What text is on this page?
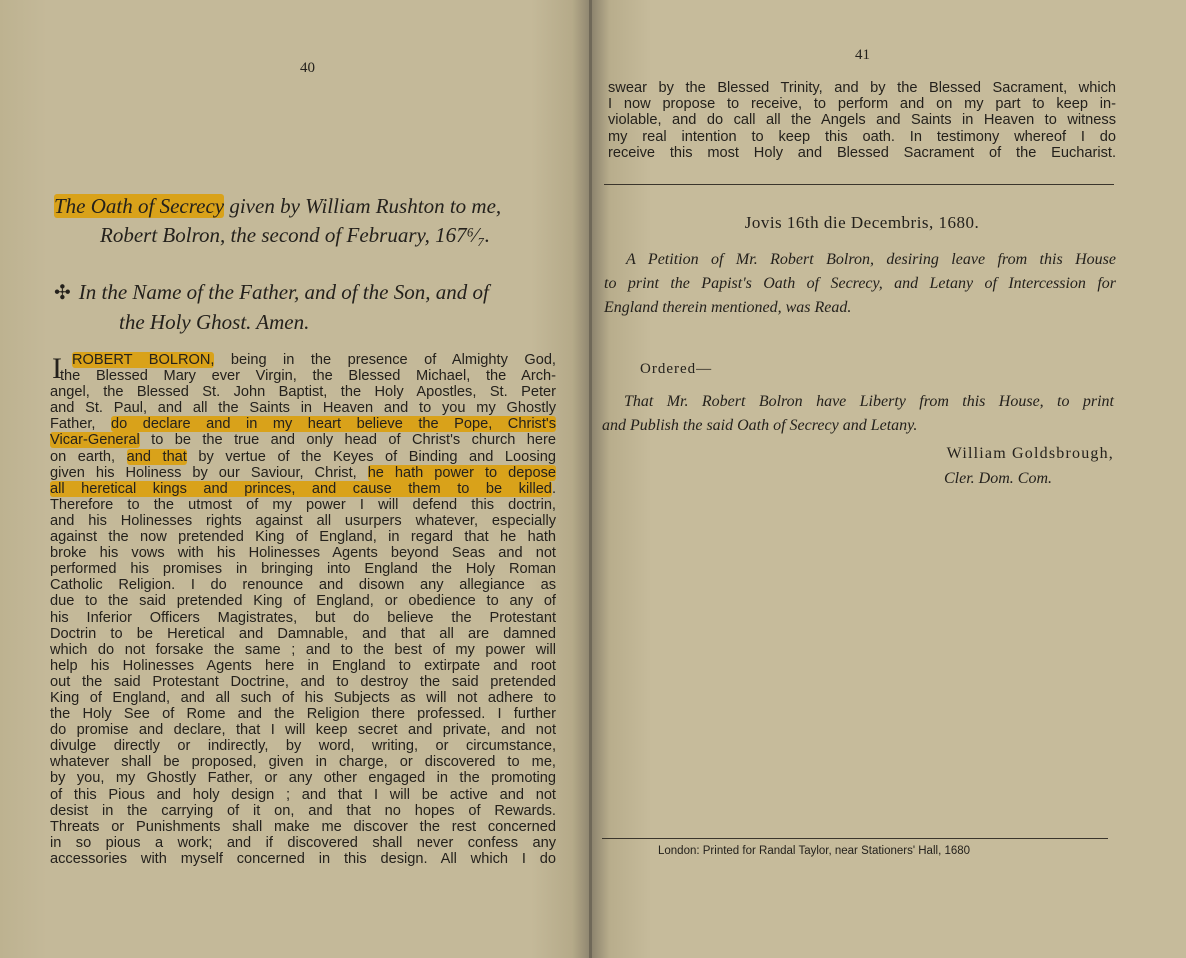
40
The Oath of Secrecy given by William Rushton to me,
Robert Bolron, the second of February, 167⁶⁄₇.
✣ In the Name of the Father, and of the Son, and of
the Holy Ghost. Amen.
I ROBERT BOLRON, being in the presence of Almighty God,
the Blessed Mary ever Virgin, the Blessed Michael, the Arch-
angel, the Blessed St. John Baptist, the Holy Apostles, St. Peter
and St. Paul, and all the Saints in Heaven and to you my Ghostly
Father, do declare and in my heart believe the Pope, Christ's
Vicar-General to be the true and only head of Christ's church here
on earth, and that by vertue of the Keyes of Binding and Loosing
given his Holiness by our Saviour, Christ, he hath power to depose
all heretical kings and princes, and cause them to be killed.
Therefore to the utmost of my power I will defend this doctrin,
and his Holinesses rights against all usurpers whatever, especially
against the now pretended King of England, in regard that he hath
broke his vows with his Holinesses Agents beyond Seas and not
performed his promises in bringing into England the Holy Roman
Catholic Religion. I do renounce and disown any allegiance as
due to the said pretended King of England, or obedience to any of
his Inferior Officers Magistrates, but do believe the Protestant
Doctrin to be Heretical and Damnable, and that all are damned
which do not forsake the same ; and to the best of my power will
help his Holinesses Agents here in England to extirpate and root
out the said Protestant Doctrine, and to destroy the said pretended
King of England, and all such of his Subjects as will not adhere to
the Holy See of Rome and the Religion there professed. I further
do promise and declare, that I will keep secret and private, and not
divulge directly or indirectly, by word, writing, or circumstance,
whatever shall be proposed, given in charge, or discovered to me,
by you, my Ghostly Father, or any other engaged in the promoting
of this Pious and holy design ; and that I will be active and not
desist in the carrying of it on, and that no hopes of Rewards.
Threats or Punishments shall make me discover the rest concerned
in so pious a work; and if discovered shall never confess any
accessories with myself concerned in this design. All which I do
41
swear by the Blessed Trinity, and by the Blessed Sacrament, which
I now propose to receive, to perform and on my part to keep in-
violable, and do call all the Angels and Saints in Heaven to witness
my real intention to keep this oath. In testimony whereof I do
receive this most Holy and Blessed Sacrament of the Eucharist.
Jovis 16th die Decembris, 1680.
A Petition of Mr. Robert Bolron, desiring leave from this House
to print the Papist's Oath of Secrecy, and Letany of Intercession for
England therein mentioned, was Read.
Ordered—
That Mr. Robert Bolron have Liberty from this House, to print
and Publish the said Oath of Secrecy and Letany.
William Goldsbrough,
Cler. Dom. Com.
London: Printed for Randal Taylor, near Stationers' Hall, 1680
